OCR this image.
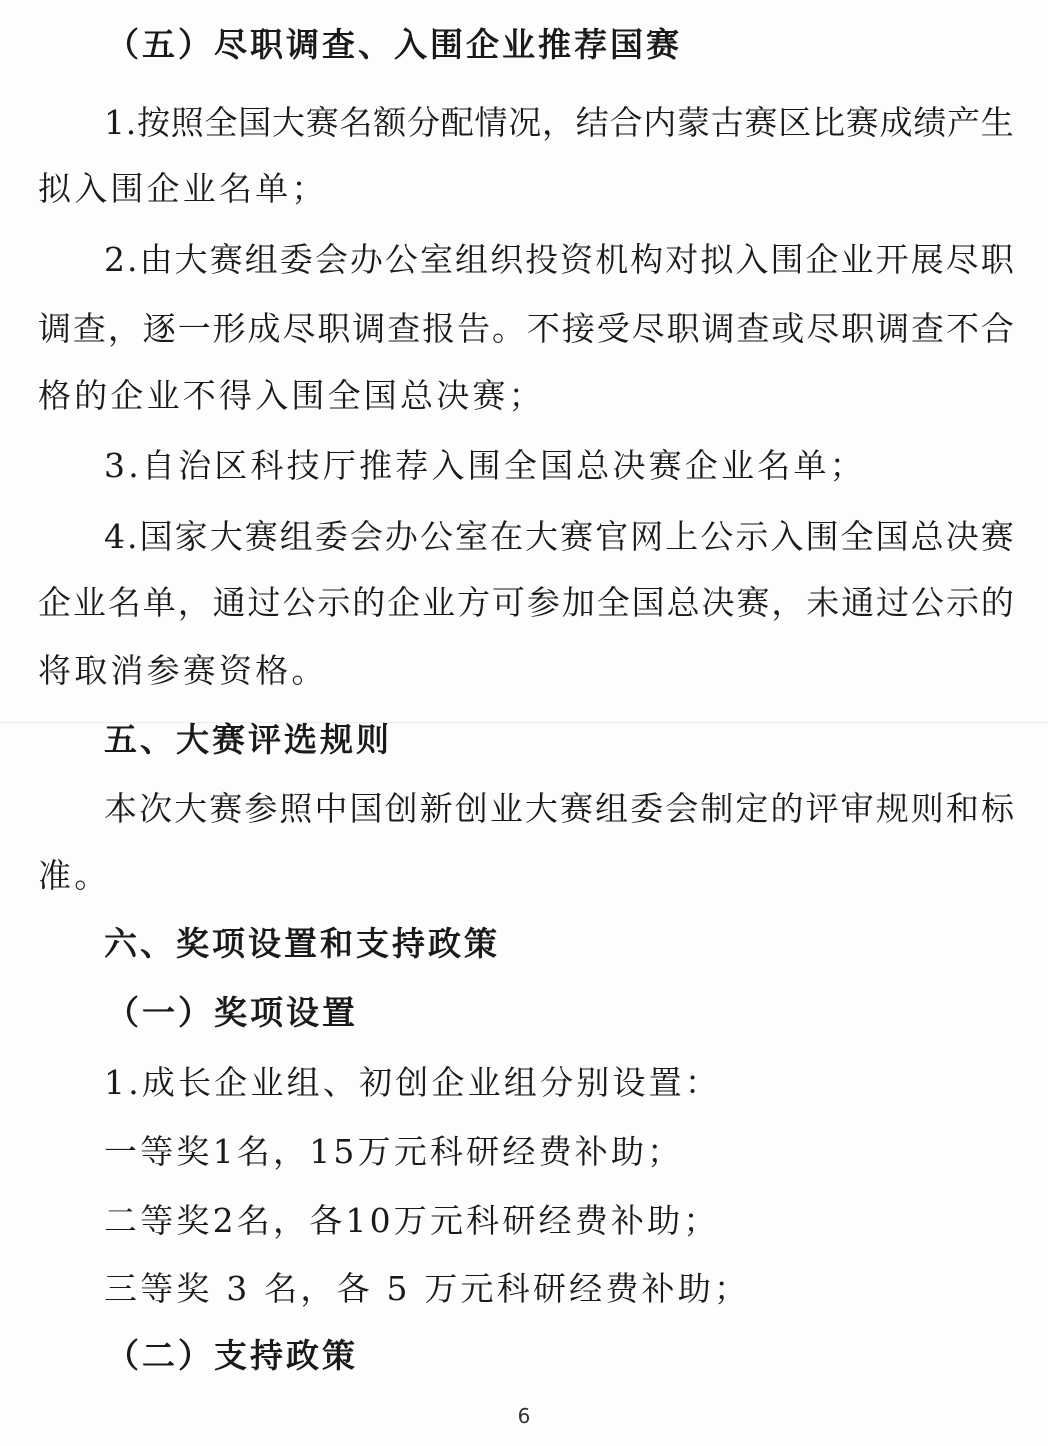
（五）尽职调查、入围企业推荐国赛
1 . 按 照 全 国 大 赛 名 额 分 配 情 况 ， 结 合 内 蒙 古 赛 区 比 赛 成 绩 产 生
拟入围企业名单；
2 . 由 大 赛 组 委 会 办 公 室 组 织 投 资 机 构 对 拟 入 围 企 业 开 展 尽 职
调 查 ， 逐 一 形 成 尽 职 调 查 报 告 。 不 接 受 尽 职 调 查 或 尽 职 调 查 不 合
格的企业不得入围全国总决赛；
3.自治区科技厅推荐入围全国总决赛企业名单；
4 . 国 家 大 赛 组 委 会 办 公 室 在 大 赛 官 网 上 公 示 入 围 全 国 总 决 赛
企 业 名 单 ， 通 过 公 示 的 企 业 方 可 参 加 全 国 总 决 赛 ， 未 通 过 公 示 的
将取消参赛资格。
五、大赛评选规则
本 次 大 赛 参 照 中 国 创 新 创 业 大 赛 组 委 会 制 定 的 评 审 规 则 和 标
准。
六、奖项设置和支持政策
（一）奖项设置
1.成长企业组、初创企业组分别设置：
一等奖1名，15万元科研经费补助；
二等奖2名，各10万元科研经费补助；
三等奖 3 名，各 5 万元科研经费补助；
（二）支持政策
6
